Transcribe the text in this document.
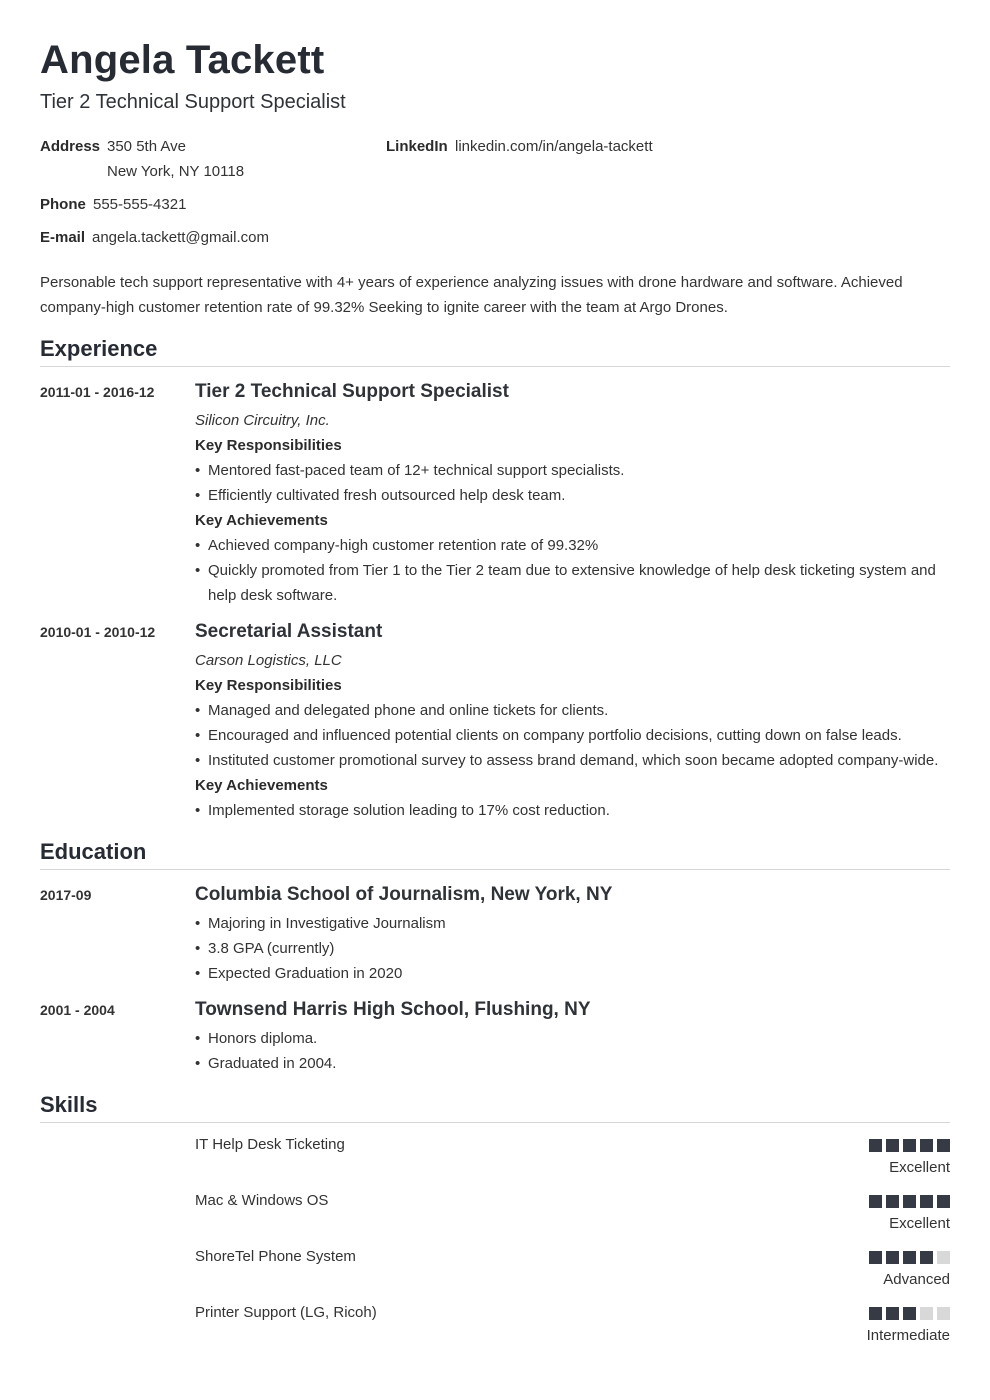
Angela Tackett
Tier 2 Technical Support Specialist
Address 350 5th Ave
New York, NY 10118
LinkedIn linkedin.com/in/angela-tackett
Phone 555-555-4321
E-mail angela.tackett@gmail.com
Personable tech support representative with 4+ years of experience analyzing issues with drone hardware and software. Achieved company-high customer retention rate of 99.32% Seeking to ignite career with the team at Argo Drones.
Experience
2011-01 - 2016-12 Tier 2 Technical Support Specialist
Silicon Circuitry, Inc.
Key Responsibilities
• Mentored fast-paced team of 12+ technical support specialists.
• Efficiently cultivated fresh outsourced help desk team.
Key Achievements
• Achieved company-high customer retention rate of 99.32%
• Quickly promoted from Tier 1 to the Tier 2 team due to extensive knowledge of help desk ticketing system and help desk software.
2010-01 - 2010-12 Secretarial Assistant
Carson Logistics, LLC
Key Responsibilities
• Managed and delegated phone and online tickets for clients.
• Encouraged and influenced potential clients on company portfolio decisions, cutting down on false leads.
• Instituted customer promotional survey to assess brand demand, which soon became adopted company-wide.
Key Achievements
• Implemented storage solution leading to 17% cost reduction.
Education
2017-09	Columbia School of Journalism, New York, NY
• Majoring in Investigative Journalism
• 3.8 GPA (currently)
• Expected Graduation in 2020
2001 - 2004	Townsend Harris High School, Flushing, NY
• Honors diploma.
• Graduated in 2004.
Skills
IT Help Desk Ticketing
Excellent
Mac & Windows OS
Excellent
ShoreTel Phone System
Advanced
Printer Support (LG, Ricoh)
Intermediate
